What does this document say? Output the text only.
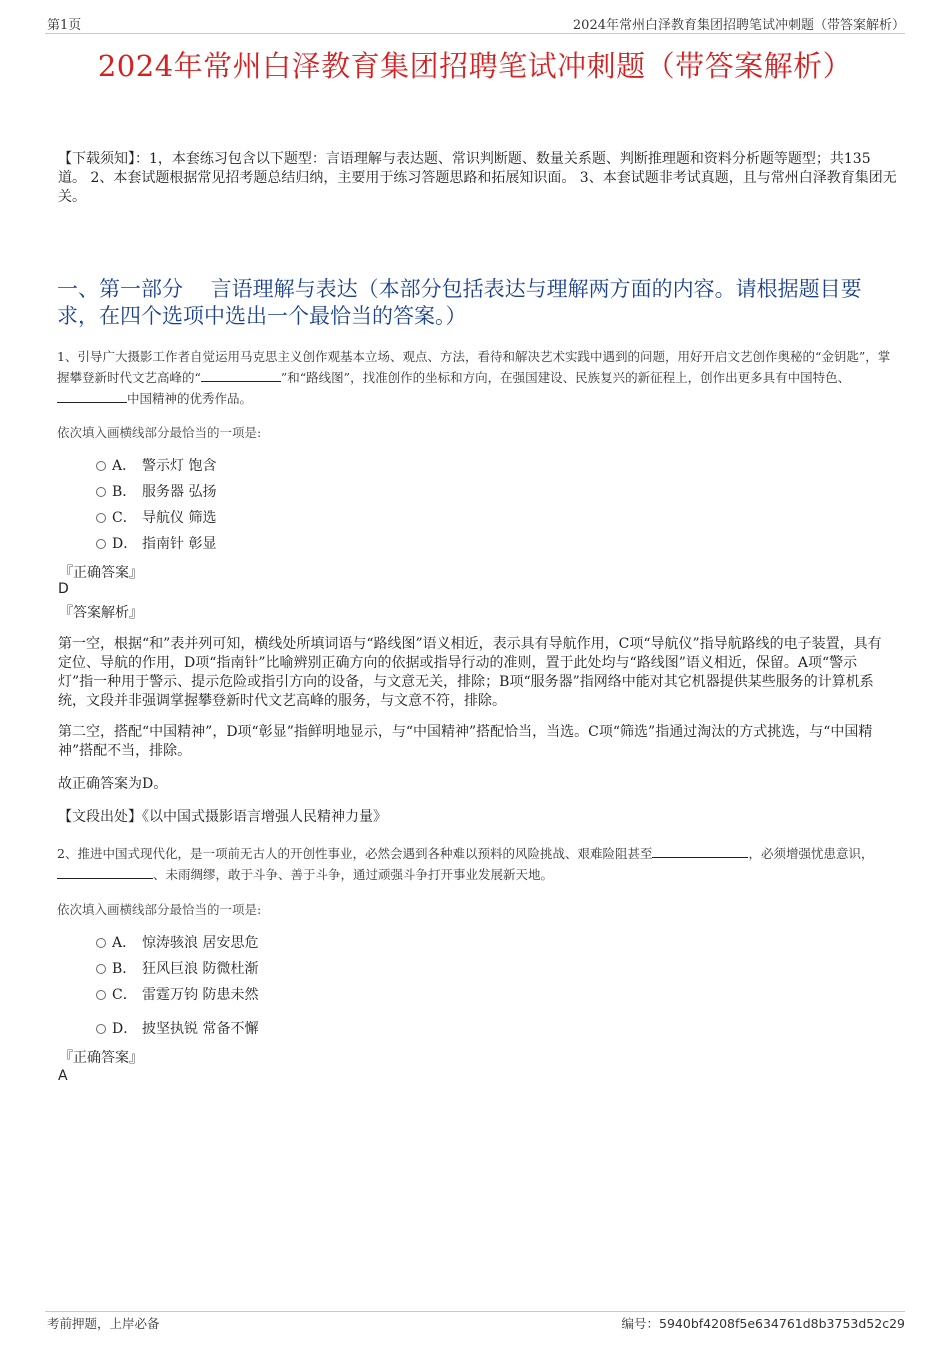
第1页	2024年常州白泽教育集团招聘笔试冲刺题（带答案解析）
2024年常州白泽教育集团招聘笔试冲刺题（带答案解析）
【下载须知】：1，本套练习包含以下题型：言语理解与表达题、常识判断题、数量关系题、判断推理题和资料分析题等题型；共135道。 2、本套试题根据常见招考题总结归纳，主要用于练习答题思路和拓展知识面。 3、本套试题非考试真题，且与常州白泽教育集团无关。
一、第一部分　 言语理解与表达（本部分包括表达与理解两方面的内容。请根据题目要求，在四个选项中选出一个最恰当的答案。）
1、引导广大摄影工作者自觉运用马克思主义创作观基本立场、观点、方法，看待和解决艺术实践中遇到的问题，用好开启文艺创作奥秘的“金钥匙”，掌握攀登新时代文艺高峰的“	”和“路线图”，找准创作的坐标和方向，在强国建设、民族复兴的新征程上，创作出更多具有中国特色、中国精神的优秀作品。
依次填入画横线部分最恰当的一项是:
A． 警示灯 饱含
B． 服务器 弘扬
C． 导航仪 筛选
D． 指南针 彰显
『正确答案』
D
『答案解析』
第一空，根据“和”表并列可知，横线处所填词语与“路线图”语义相近，表示具有导航作用，C项“导航仪”指导航路线的电子装置，具有定位、导航的作用，D项“指南针”比喻辨别正确方向的依据或指导行动的准则，置于此处均与“路线图”语义相近，保留。A项“警示灯”指一种用于警示、提示危险或指引方向的设备，与文意无关，排除；B项“服务器”指网络中能对其它机器提供某些服务的计算机系统，文段并非强调掌握攀登新时代文艺高峰的服务，与文意不符，排除。
第二空，搭配“中国精神”，D项“彰显”指鲜明地显示，与“中国精神”搭配恰当，当选。C项“筛选”指通过淘汰的方式挑选，与“中国精神”搭配不当，排除。
故正确答案为D。
【文段出处】《以中国式摄影语言增强人民精神力量》
2、推进中国式现代化，是一项前无古人的开创性事业，必然会遇到各种难以预料的风险挑战、艰难险阻甚至	，必须增强忧患意识，、未雨绸缪，敢于斗争、善于斗争，通过顽强斗争打开事业发展新天地。
依次填入画横线部分最恰当的一项是:
A． 惊涛骇浪 居安思危
B． 狂风巨浪 防微杜渐
C． 雷霆万钧 防患未然
D． 披坚执锐 常备不懈
『正确答案』
A
考前押题，上岸必备	编号：5940bf4208f5e634761d8b3753d52c29
